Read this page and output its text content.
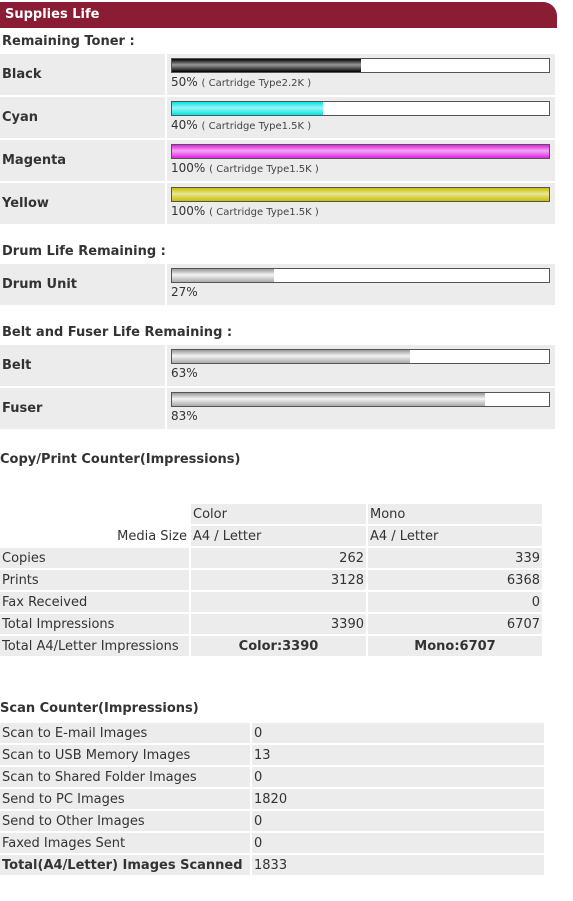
Supplies Life
Remaining Toner :
Black	50% ( Cartridge Type2.2K )
Cyan	40% ( Cartridge Type1.5K )
Magenta	100% ( Cartridge Type1.5K )
Yellow	100% ( Cartridge Type1.5K )
Drum Life Remaining :
Drum Unit	27%
Belt and Fuser Life Remaining :
Belt	63%
Fuser	83%
Copy/Print Counter(Impressions)
	Color	Mono
Media Size	A4 / Letter	A4 / Letter
Copies	262	339
Prints	3128	6368
Fax Received		0
Total Impressions	3390	6707
Total A4/Letter Impressions	Color:3390	Mono:6707
Scan Counter(Impressions)
Scan to E-mail Images	0
Scan to USB Memory Images	13
Scan to Shared Folder Images	0
Send to PC Images	1820
Send to Other Images	0
Faxed Images Sent	0
Total(A4/Letter) Images Scanned	1833
